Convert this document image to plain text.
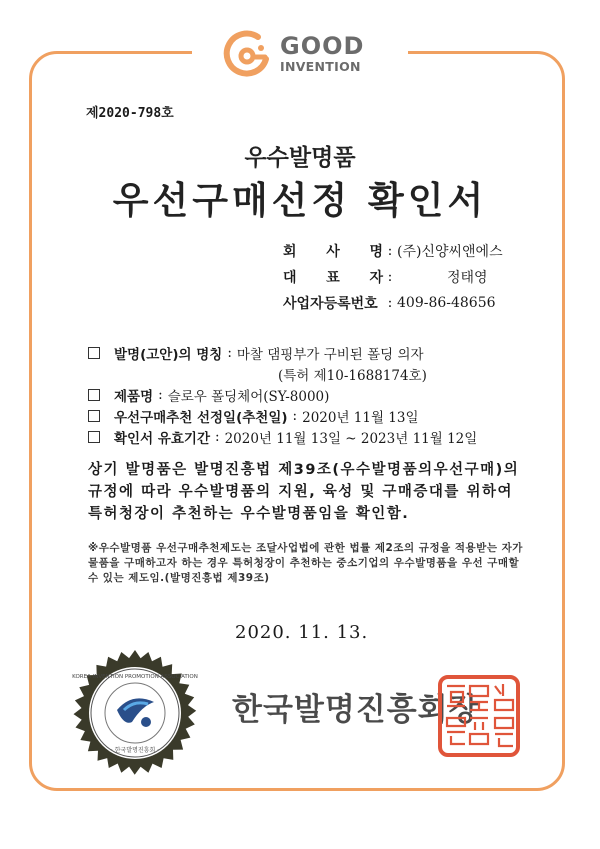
GOOD
INVENTION
제2020-798호
우수발명품
우선구매선정 확인서
회 사 명 : (주)신양씨앤에스
대 표 자 :	정태영
사업자등록번호 : 409-86-48656
발명(고안)의 명칭 : 마찰 댐핑부가 구비된 폴딩 의자
(특허 제10-1688174호)
제품명 : 슬로우 폴딩체어(SY-8000)
우선구매추천 선정일(추천일) : 2020년 11월 13일
확인서 유효기간 : 2020년 11월 13일 ~ 2023년 11월 12일
상기 발명품은 발명진흥법 제39조(우수발명품의우선구매)의 규정에 따라 우수발명품의 지원, 육성 및 구매증대를 위하여 특허청장이 추천하는 우수발명품임을 확인함.
※우수발명품 우선구매추천제도는 조달사업법에 관한 법률 제2조의 규정을 적용받는 자가 물품을 구매하고자 하는 경우 특허청장이 추천하는 중소기업의 우수발명품을 우선 구매할 수 있는 제도임.(발명진흥법 제39조)
2020. 11. 13.
· 한국발명진흥회 ·
KOREA INVENTION PROMOTION ASSOCIATION
한국발명진흥회장
